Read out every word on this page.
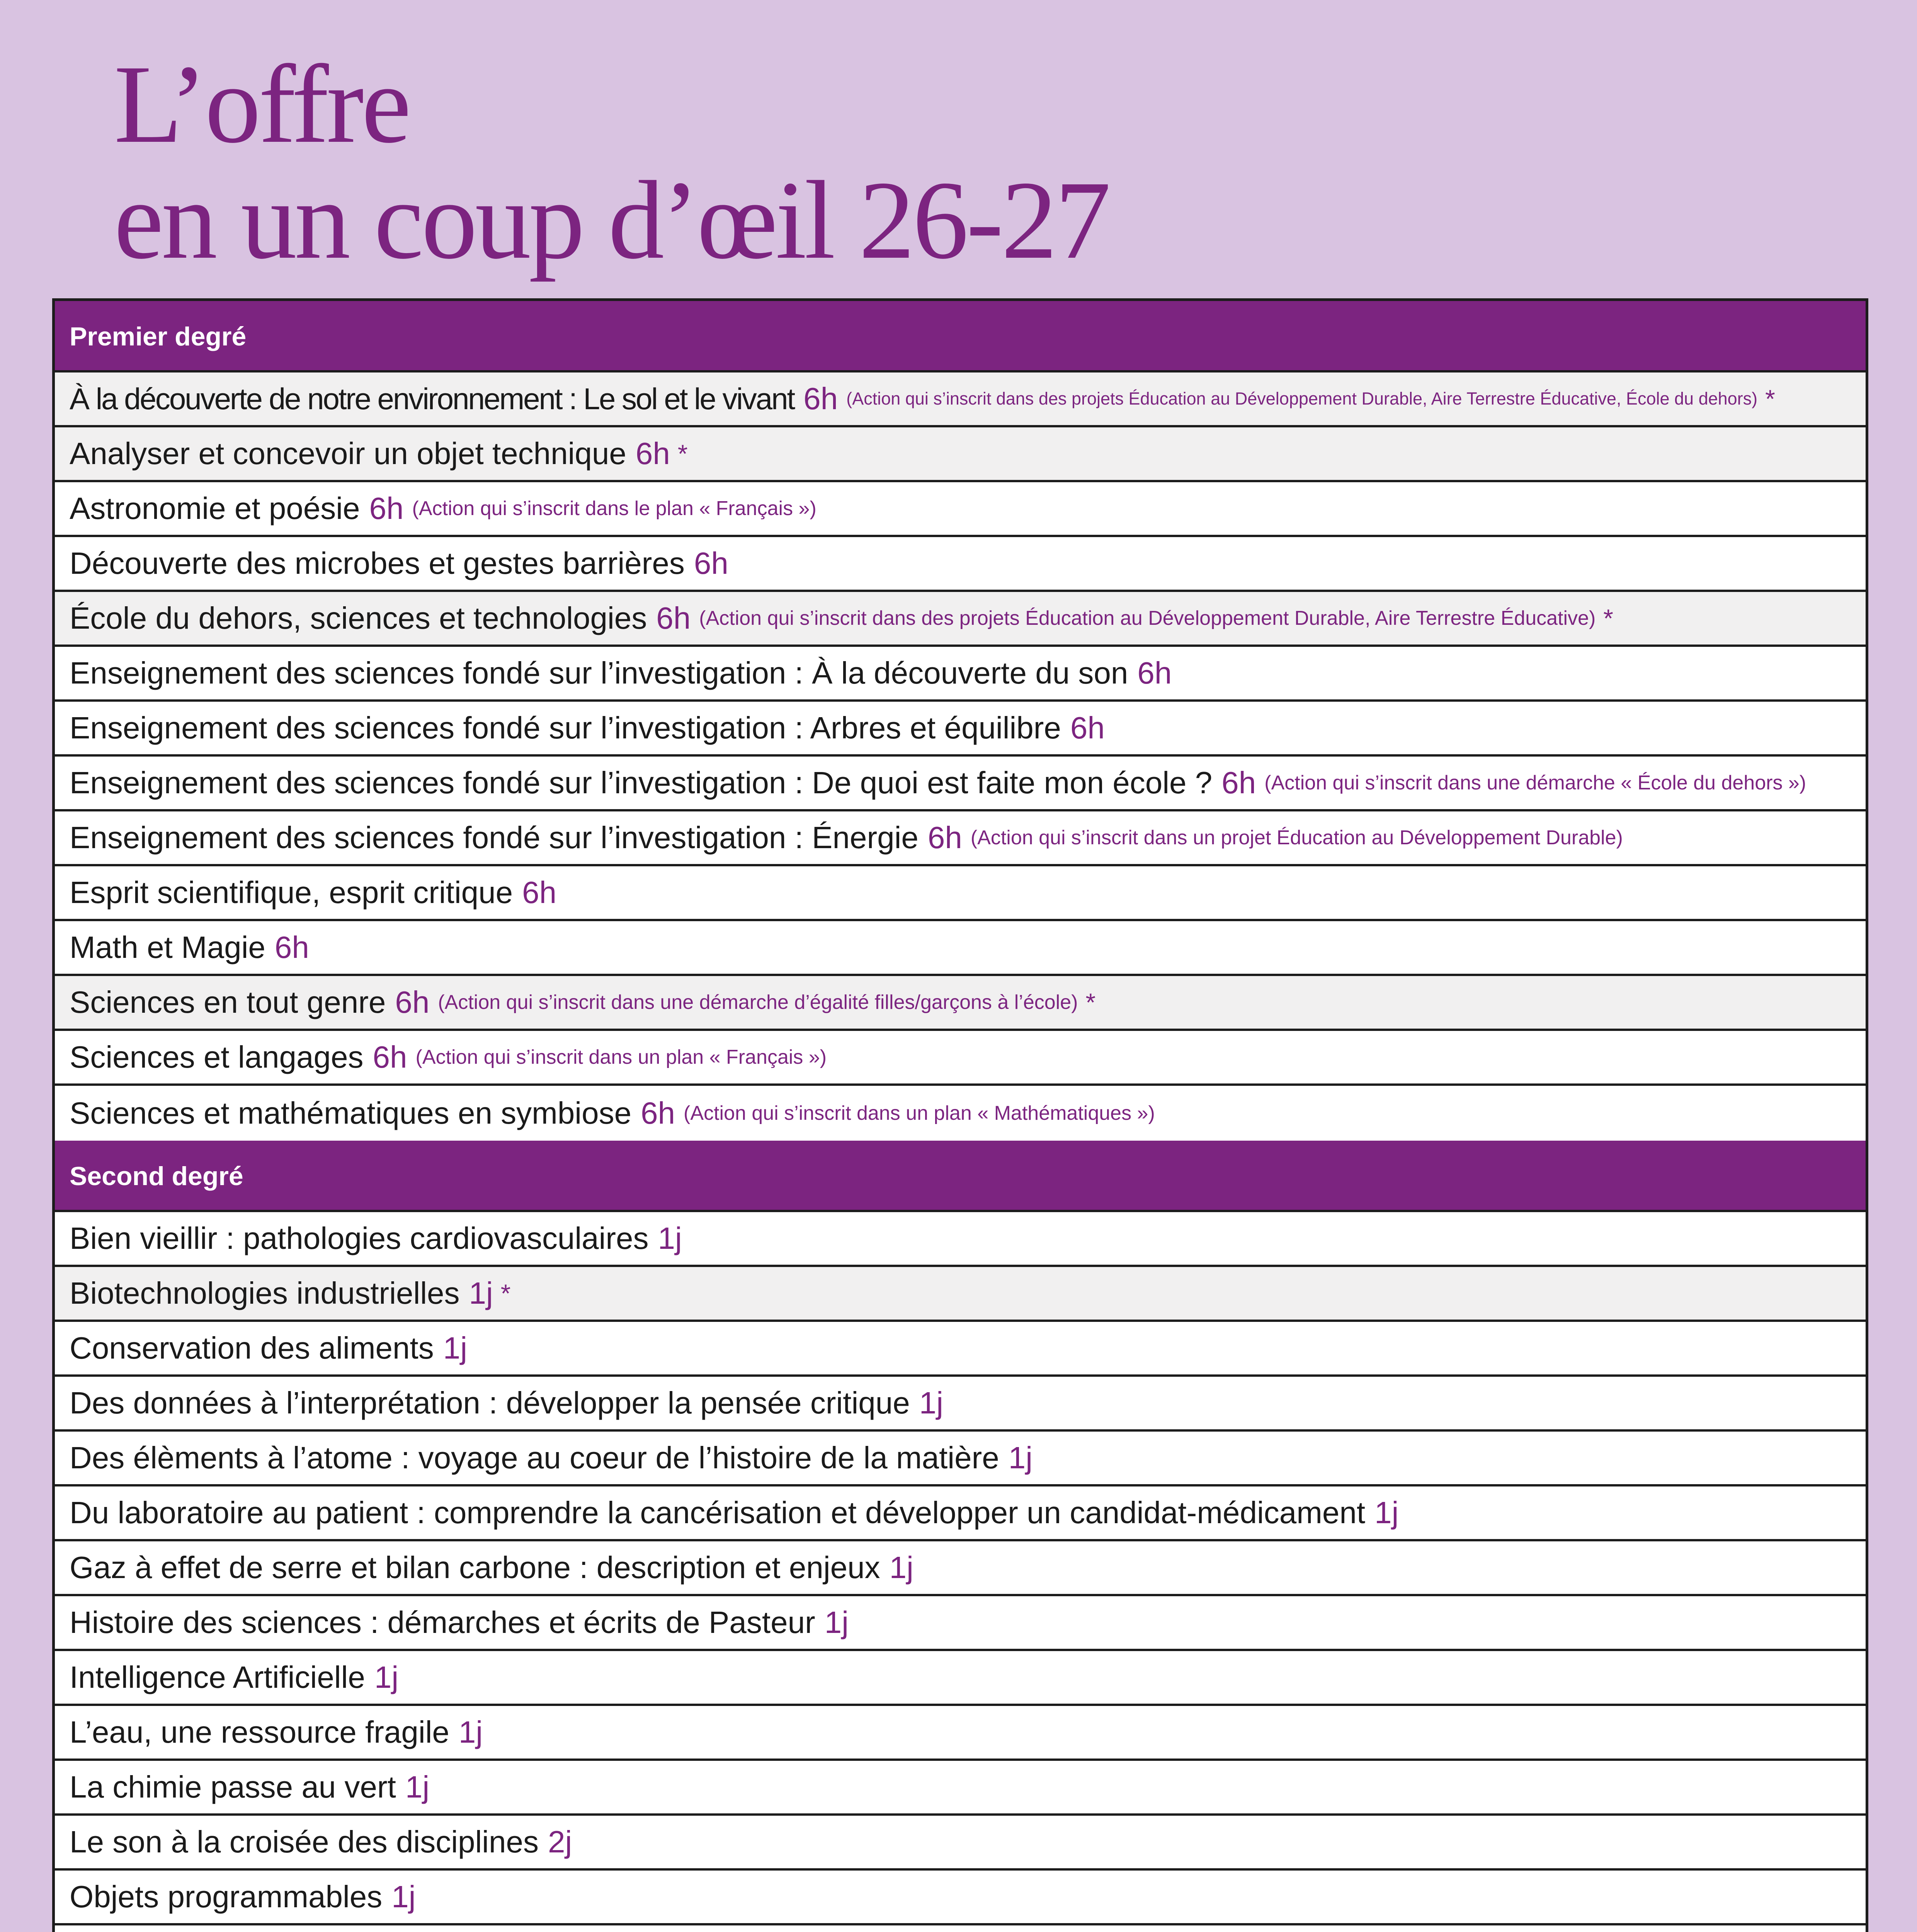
L’offre
en un coup d’œil 26-27
Premier degré
À la découverte de notre environnement : Le sol et le vivant 6h (Action qui s’inscrit dans des projets Éducation au Développement Durable, Aire Terrestre Éducative, École du dehors) *
Analyser et concevoir un objet technique 6h *
Astronomie et poésie 6h (Action qui s’inscrit dans le plan « Français »)
Découverte des microbes et gestes barrières 6h
École du dehors, sciences et technologies 6h (Action qui s’inscrit dans des projets Éducation au Développement Durable, Aire Terrestre Éducative) *
Enseignement des sciences fondé sur l’investigation : À la découverte du son 6h
Enseignement des sciences fondé sur l’investigation : Arbres et équilibre 6h
Enseignement des sciences fondé sur l’investigation : De quoi est faite mon école ? 6h (Action qui s’inscrit dans une démarche « École du dehors »)
Enseignement des sciences fondé sur l’investigation : Énergie 6h (Action qui s’inscrit dans un projet Éducation au Développement Durable)
Esprit scientifique, esprit critique 6h
Math et Magie 6h
Sciences en tout genre 6h (Action qui s’inscrit dans une démarche d’égalité filles/garçons à l’école) *
Sciences et langages 6h (Action qui s’inscrit dans un plan « Français »)
Sciences et mathématiques en symbiose 6h (Action qui s’inscrit dans un plan « Mathématiques »)
Second degré
Bien vieillir : pathologies cardiovasculaires 1j
Biotechnologies industrielles 1j *
Conservation des aliments 1j
Des données à l’interprétation : développer la pensée critique 1j
Des élèments à l’atome : voyage au coeur de l’histoire de la matière 1j
Du laboratoire au patient : comprendre la cancérisation et développer un candidat-médicament 1j
Gaz à effet de serre et bilan carbone : description et enjeux 1j
Histoire des sciences : démarches et écrits de Pasteur 1j
Intelligence Artificielle 1j
L’eau, une ressource fragile 1j
La chimie passe au vert 1j
Le son à la croisée des disciplines 2j
Objets programmables 1j
